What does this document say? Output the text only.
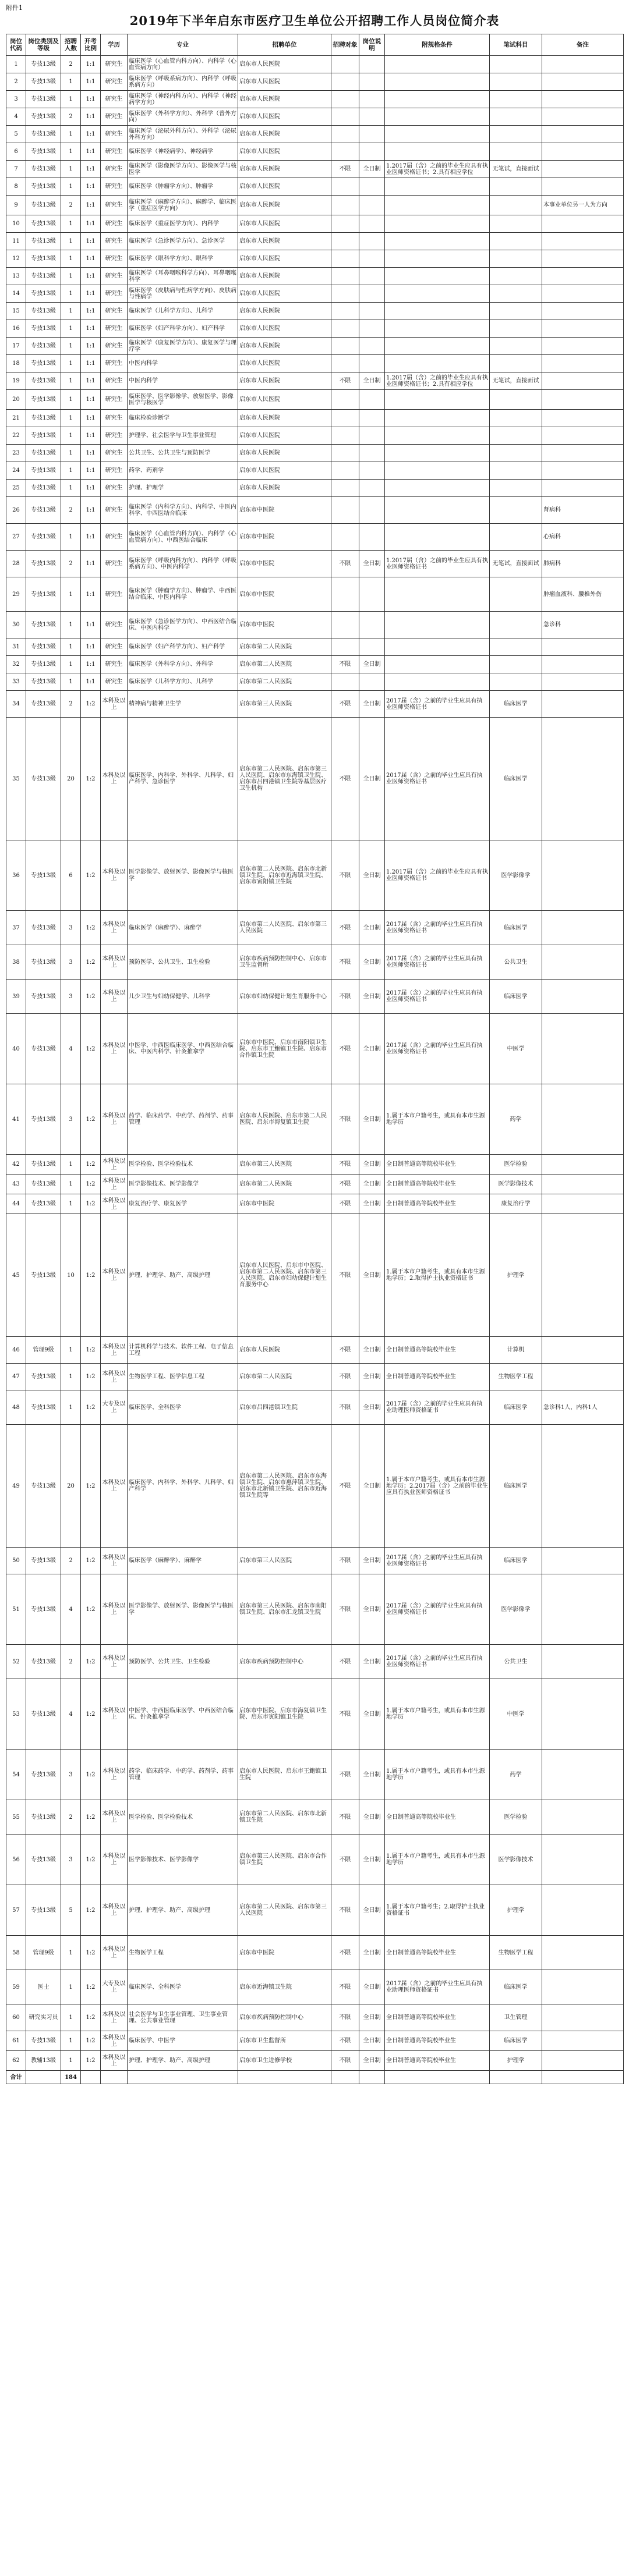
附件1
2019年下半年启东市医疗卫生单位公开招聘工作人员岗位简介表
岗位代码	岗位类别及等级	招聘人数	开考比例	学历	专业	招聘单位	招聘对象	岗位说明	附规格条件	笔试科目	备注
1	专技13级	2	1:1	研究生	临床医学（心血管内科方向）、内科学（心血管病方向）	启东市人民医院					
2	专技13级	1	1:1	研究生	临床医学（呼吸系病方向）、内科学（呼吸系病方向）	启东市人民医院					
3	专技13级	1	1:1	研究生	临床医学（神经内科方向）、内科学（神经病学方向）	启东市人民医院					
4	专技13级	2	1:1	研究生	临床医学（外科学方向）、外科学（普外方向）	启东市人民医院					
5	专技13级	1	1:1	研究生	临床医学（泌尿外科方向）、外科学（泌尿外科方向）	启东市人民医院					
6	专技13级	1	1:1	研究生	临床医学（神经病学）、神经病学	启东市人民医院					
7	专技13级	1	1:1	研究生	临床医学（影像医学方向）、影像医学与核医学	启东市人民医院	不限	全日制	1.2017届（含）之前的毕业生应具有执业医师资格证书；2.具有相应学位	无笔试，直接面试	
8	专技13级	1	1:1	研究生	临床医学（肿瘤学方向）、肿瘤学	启东市人民医院					
9	专技13级	2	1:1	研究生	临床医学（麻醉学方向）、麻醉学、临床医学（重症医学方向）	启东市人民医院					本事业单位另一人为方向
10	专技13级	1	1:1	研究生	临床医学（重症医学方向）、内科学	启东市人民医院					
11	专技13级	1	1:1	研究生	临床医学（急诊医学方向）、急诊医学	启东市人民医院					
12	专技13级	1	1:1	研究生	临床医学（眼科学方向）、眼科学	启东市人民医院					
13	专技13级	1	1:1	研究生	临床医学（耳鼻咽喉科学方向）、耳鼻咽喉科学	启东市人民医院					
14	专技13级	1	1:1	研究生	临床医学（皮肤病与性病学方向）、皮肤病与性病学	启东市人民医院					
15	专技13级	1	1:1	研究生	临床医学（儿科学方向）、儿科学	启东市人民医院					
16	专技13级	1	1:1	研究生	临床医学（妇产科学方向）、妇产科学	启东市人民医院					
17	专技13级	1	1:1	研究生	临床医学（康复医学方向）、康复医学与理疗学	启东市人民医院					
18	专技13级	1	1:1	研究生	中医内科学	启东市人民医院					
19	专技13级	1	1:1	研究生	中医内科学	启东市人民医院	不限	全日制	1.2017届（含）之前的毕业生应具有执业医师资格证书；2.具有相应学位	无笔试，直接面试	
20	专技13级	1	1:1	研究生	临床医学、医学影像学、放射医学、影像医学与核医学	启东市人民医院					
21	专技13级	1	1:1	研究生	临床检验诊断学	启东市人民医院					
22	专技13级	1	1:1	研究生	护理学、社会医学与卫生事业管理	启东市人民医院					
23	专技13级	1	1:1	研究生	公共卫生、公共卫生与预防医学	启东市人民医院					
24	专技13级	1	1:1	研究生	药学、药剂学	启东市人民医院					
25	专技13级	1	1:1	研究生	护理、护理学	启东市人民医院					
26	专技13级	2	1:1	研究生	临床医学（内科学方向）、内科学、中医内科学、中西医结合临床	启东市中医院					肾病科
27	专技13级	1	1:1	研究生	临床医学（心血管内科方向）、内科学（心血管病方向）、中西医结合临床	启东市中医院					心病科
28	专技13级	2	1:1	研究生	临床医学（呼吸内科方向）、内科学（呼吸系病方向）、中医内科学	启东市中医院	不限	全日制	1.2017届（含）之前的毕业生应具有执业医师资格证书	无笔试，直接面试	肺病科
29	专技13级	1	1:1	研究生	临床医学（肿瘤学方向）、肿瘤学、中西医结合临床、中医内科学	启东市中医院					肿瘤血液科、腰椎外伤
30	专技13级	1	1:1	研究生	临床医学（急诊医学方向）、中西医结合临床、中医内科学	启东市中医院					急诊科
31	专技13级	1	1:1	研究生	临床医学（妇产科学方向）、妇产科学	启东市第二人民医院					
32	专技13级	1	1:1	研究生	临床医学（外科学方向）、外科学	启东市第二人民医院	不限	全日制			
33	专技13级	1	1:1	研究生	临床医学（儿科学方向）、儿科学	启东市第二人民医院					
34	专技13级	2	1:2	本科及以上	精神病与精神卫生学	启东市第三人民医院	不限	全日制	2017届（含）之前的毕业生应具有执业医师资格证书	临床医学	
35	专技13级	20	1:2	本科及以上	临床医学、内科学、外科学、儿科学、妇产科学、急诊医学	启东市第二人民医院、启东市第三人民医院、启东市东海镇卫生院、启东市吕四港镇卫生院等基层医疗卫生机构	不限	全日制	2017届（含）之前的毕业生应具有执业医师资格证书	临床医学	
36	专技13级	6	1:2	本科及以上	医学影像学、放射医学、影像医学与核医学	启东市第二人民医院、启东市北新镇卫生院、启东市近海镇卫生院、启东市寅阳镇卫生院	不限	全日制	1.2017届（含）之前的毕业生应具有执业医师资格证书	医学影像学	
37	专技13级	3	1:2	本科及以上	临床医学（麻醉学）、麻醉学	启东市第二人民医院、启东市第三人民医院	不限	全日制	2017届（含）之前的毕业生应具有执业医师资格证书	临床医学	
38	专技13级	3	1:2	本科及以上	预防医学、公共卫生、卫生检验	启东市疾病预防控制中心、启东市卫生监督所	不限	全日制	2017届（含）之前的毕业生应具有执业医师资格证书	公共卫生	
39	专技13级	3	1:2	本科及以上	儿少卫生与妇幼保健学、儿科学	启东市妇幼保健计划生育服务中心	不限	全日制	2017届（含）之前的毕业生应具有执业医师资格证书	临床医学	
40	专技13级	4	1:2	本科及以上	中医学、中西医临床医学、中西医结合临床、中医内科学、针灸推拿学	启东市中医院、启东市南阳镇卫生院、启东市王鲍镇卫生院、启东市合作镇卫生院	不限	全日制	2017届（含）之前的毕业生应具有执业医师资格证书	中医学	
41	专技13级	3	1:2	本科及以上	药学、临床药学、中药学、药剂学、药事管理	启东市人民医院、启东市第二人民医院、启东市海复镇卫生院	不限	全日制	1.属于本市户籍考生，或具有本市生源地学历	药学	
42	专技13级	1	1:2	本科及以上	医学检验、医学检验技术	启东市第三人民医院	不限	全日制	全日制普通高等院校毕业生	医学检验	
43	专技13级	1	1:2	本科及以上	医学影像技术、医学影像学	启东市第二人民医院	不限	全日制	全日制普通高等院校毕业生	医学影像技术	
44	专技13级	1	1:2	本科及以上	康复治疗学、康复医学	启东市中医院	不限	全日制	全日制普通高等院校毕业生	康复治疗学	
45	专技13级	10	1:2	本科及以上	护理、护理学、助产、高级护理	启东市人民医院、启东市中医院、启东市第二人民医院、启东市第三人民医院、启东市妇幼保健计划生育服务中心	不限	全日制	1.属于本市户籍考生，或具有本市生源地学历；2.取得护士执业资格证书	护理学	
46	管理9级	1	1:2	本科及以上	计算机科学与技术、软件工程、电子信息工程	启东市人民医院	不限	全日制	全日制普通高等院校毕业生	计算机	
47	专技13级	1	1:2	本科及以上	生物医学工程、医学信息工程	启东市第二人民医院	不限	全日制	全日制普通高等院校毕业生	生物医学工程	
48	专技13级	1	1:2	大专及以上	临床医学、全科医学	启东市吕四港镇卫生院	不限	全日制	2017届（含）之前的毕业生应具有执业助理医师资格证书	临床医学	急诊科1人，内科1人
49	专技13级	20	1:2	本科及以上	临床医学、内科学、外科学、儿科学、妇产科学	启东市第二人民医院、启东市东海镇卫生院、启东市惠萍镇卫生院、启东市北新镇卫生院、启东市近海镇卫生院等	不限	全日制	1.属于本市户籍考生，或具有本市生源地学历；2.2017届（含）之前的毕业生应具有执业医师资格证书	临床医学	
50	专技13级	2	1:2	本科及以上	临床医学（麻醉学）、麻醉学	启东市第三人民医院	不限	全日制	2017届（含）之前的毕业生应具有执业医师资格证书	临床医学	
51	专技13级	4	1:2	本科及以上	医学影像学、放射医学、影像医学与核医学	启东市第三人民医院、启东市南阳镇卫生院、启东市汇龙镇卫生院	不限	全日制	2017届（含）之前的毕业生应具有执业医师资格证书	医学影像学	
52	专技13级	2	1:2	本科及以上	预防医学、公共卫生、卫生检验	启东市疾病预防控制中心	不限	全日制	2017届（含）之前的毕业生应具有执业医师资格证书	公共卫生	
53	专技13级	4	1:2	本科及以上	中医学、中西医临床医学、中西医结合临床、针灸推拿学	启东市中医院、启东市海复镇卫生院、启东市寅阳镇卫生院	不限	全日制	1.属于本市户籍考生，或具有本市生源地学历	中医学	
54	专技13级	3	1:2	本科及以上	药学、临床药学、中药学、药剂学、药事管理	启东市人民医院、启东市王鲍镇卫生院	不限	全日制	1.属于本市户籍考生，或具有本市生源地学历	药学	
55	专技13级	2	1:2	本科及以上	医学检验、医学检验技术	启东市第二人民医院、启东市北新镇卫生院	不限	全日制	全日制普通高等院校毕业生	医学检验	
56	专技13级	3	1:2	本科及以上	医学影像技术、医学影像学	启东市第三人民医院、启东市合作镇卫生院	不限	全日制	1.属于本市户籍考生，或具有本市生源地学历	医学影像技术	
57	专技13级	5	1:2	本科及以上	护理、护理学、助产、高级护理	启东市第二人民医院、启东市第三人民医院	不限	全日制	1.属于本市户籍考生；2.取得护士执业资格证书	护理学	
58	管理9级	1	1:2	本科及以上	生物医学工程	启东市中医院	不限	全日制	全日制普通高等院校毕业生	生物医学工程	
59	医士	1	1:2	大专及以上	临床医学、全科医学	启东市近海镇卫生院	不限	全日制	2017届（含）之前的毕业生应具有执业助理医师资格证书	临床医学	
60	研究实习员	1	1:2	本科及以上	社会医学与卫生事业管理、卫生事业管理、公共事业管理	启东市疾病预防控制中心	不限	全日制	全日制普通高等院校毕业生	卫生管理	
61	专技13级	1	1:2	本科及以上	临床医学、中医学	启东市卫生监督所	不限	全日制	全日制普通高等院校毕业生	临床医学	
62	教辅13级	1	1:2	本科及以上	护理、护理学、助产、高级护理	启东市卫生进修学校	不限	全日制	全日制普通高等院校毕业生	护理学	
合计		184									
